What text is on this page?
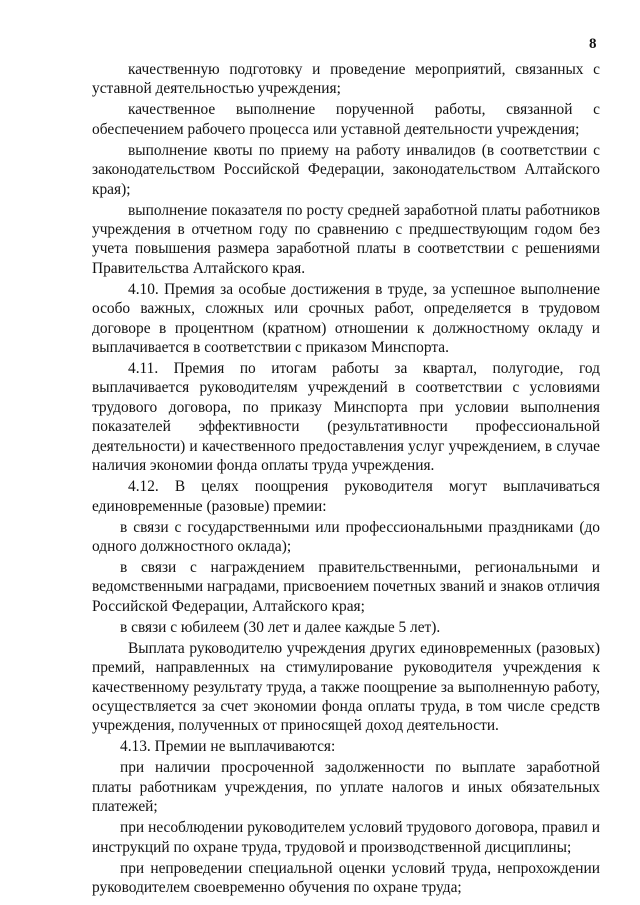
8

качественную подготовку и проведение мероприятий, связанных с уставной деятельностью учреждения;

качественное выполнение порученной работы, связанной с обеспечением рабочего процесса или уставной деятельности учреждения;

выполнение квоты по приему на работу инвалидов (в соответствии с законодательством Российской Федерации, законодательством Алтайского края);

выполнение показателя по росту средней заработной платы работников учреждения в отчетном году по сравнению с предшествующим годом без учета повышения размера заработной платы в соответствии с решениями Правительства Алтайского края.

4.10. Премия за особые достижения в труде, за успешное выполнение особо важных, сложных или срочных работ, определяется в трудовом договоре в процентном (кратном) отношении к должностному окладу и выплачивается в соответствии с приказом Минспорта.

4.11. Премия по итогам работы за квартал, полугодие, год выплачивается руководителям учреждений в соответствии с условиями трудового договора, по приказу Минспорта при условии выполнения показателей эффективности (результативности профессиональной деятельности) и качественного предоставления услуг учреждением, в случае наличия экономии фонда оплаты труда учреждения.

4.12. В целях поощрения руководителя могут выплачиваться единовременные (разовые) премии:

в связи с государственными или профессиональными праздниками (до одного должностного оклада);

в связи с награждением правительственными, региональными и ведомственными наградами, присвоением почетных званий и знаков отличия Российской Федерации, Алтайского края;

в связи с юбилеем (30 лет и далее каждые 5 лет).

Выплата руководителю учреждения других единовременных (разовых) премий, направленных на стимулирование руководителя учреждения к качественному результату труда, а также поощрение за выполненную работу, осуществляется за счет экономии фонда оплаты труда, в том числе средств учреждения, полученных от приносящей доход деятельности.

4.13. Премии не выплачиваются:

при наличии просроченной задолженности по выплате заработной платы работникам учреждения, по уплате налогов и иных обязательных платежей;

при несоблюдении руководителем условий трудового договора, правил и инструкций по охране труда, трудовой и производственной дисциплины;

при непроведении специальной оценки условий труда, непрохождении руководителем своевременно обучения по охране труда;
